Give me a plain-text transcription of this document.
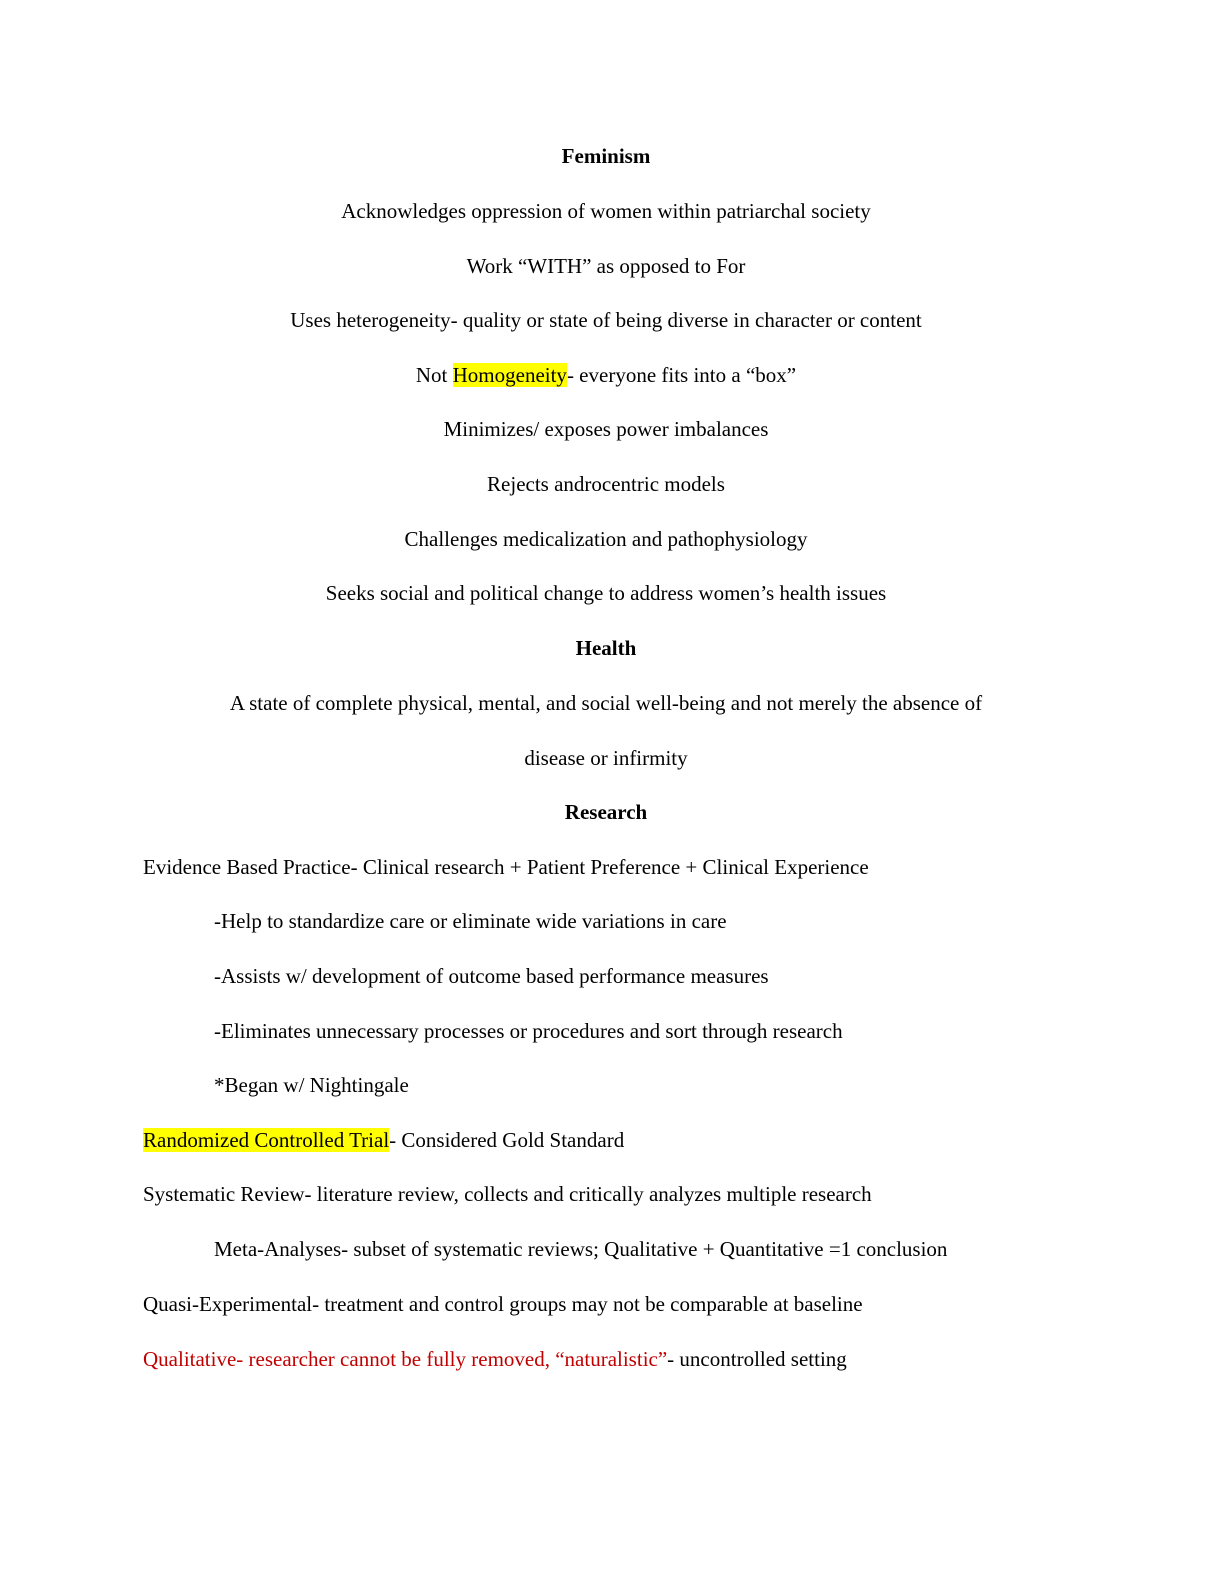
Feminism
Acknowledges oppression of women within patriarchal society
Work “WITH” as opposed to For
Uses heterogeneity- quality or state of being diverse in character or content
Not Homogeneity- everyone fits into a “box”
Minimizes/ exposes power imbalances
Rejects androcentric models
Challenges medicalization and pathophysiology
Seeks social and political change to address women’s health issues
Health
A state of complete physical, mental, and social well-being and not merely the absence of
disease or infirmity
Research
Evidence Based Practice- Clinical research + Patient Preference + Clinical Experience
-Help to standardize care or eliminate wide variations in care
-Assists w/ development of outcome based performance measures
-Eliminates unnecessary processes or procedures and sort through research
*Began w/ Nightingale
Randomized Controlled Trial- Considered Gold Standard
Systematic Review- literature review, collects and critically analyzes multiple research
Meta-Analyses- subset of systematic reviews; Qualitative + Quantitative =1 conclusion
Quasi-Experimental- treatment and control groups may not be comparable at baseline
Qualitative- researcher cannot be fully removed, “naturalistic”- uncontrolled setting
